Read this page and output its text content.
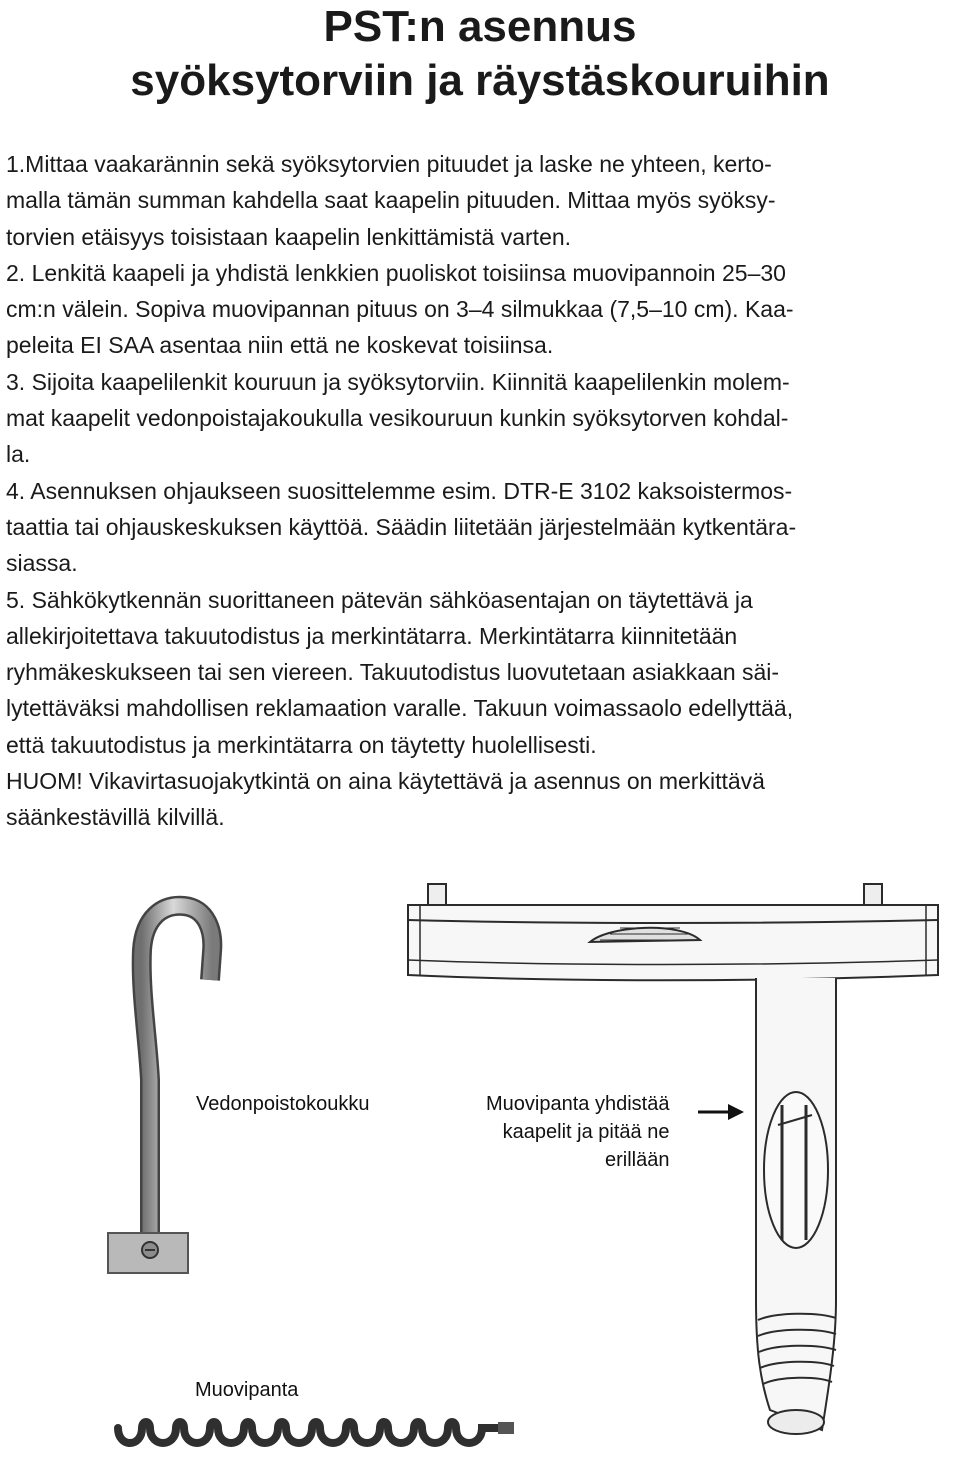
PST:n asennus
syöksytorviin ja räystäskouruihin
1.Mittaa vaakarännin sekä syöksytorvien pituudet ja laske ne yhteen, kerto-
malla tämän summan kahdella saat kaapelin pituuden. Mittaa myös syöksy-
torvien etäisyys toisistaan kaapelin lenkittämistä varten.
2. Lenkitä kaapeli ja yhdistä lenkkien puoliskot toisiinsa muovipannoin 25–30
cm:n välein. Sopiva muovipannan pituus on 3–4 silmukkaa (7,5–10 cm). Kaa-
peleita EI SAA asentaa niin että ne koskevat toisiinsa.
3. Sijoita kaapelilenkit kouruun ja syöksytorviin. Kiinnitä kaapelilenkin molem-
mat kaapelit vedonpoistajakoukulla vesikouruun kunkin syöksytorven kohdal-
la.
4. Asennuksen ohjaukseen suosittelemme esim. DTR-E 3102 kaksoistermos-
taattia tai ohjauskeskuksen käyttöä. Säädin liitetään järjestelmään kytkentära-
siassa.
5. Sähkökytkennän suorittaneen pätevän sähköasentajan on täytettävä ja
allekirjoitettava takuutodistus ja merkintätarra. Merkintätarra kiinnitetään
ryhmäkeskukseen tai sen viereen. Takuutodistus luovutetaan asiakkaan säi-
lytettäväksi mahdollisen reklamaation varalle. Takuun voimassaolo edellyttää,
että takuutodistus ja merkintätarra on täytetty huolellisesti.
HUOM! Vikavirtasuojakytkintä on aina käytettävä ja asennus on merkittävä
säänkestävillä kilvillä.
Vedonpoistokoukku	Muovipanta yhdistää
kaapelit ja pitää ne
erillään
Muovipanta
